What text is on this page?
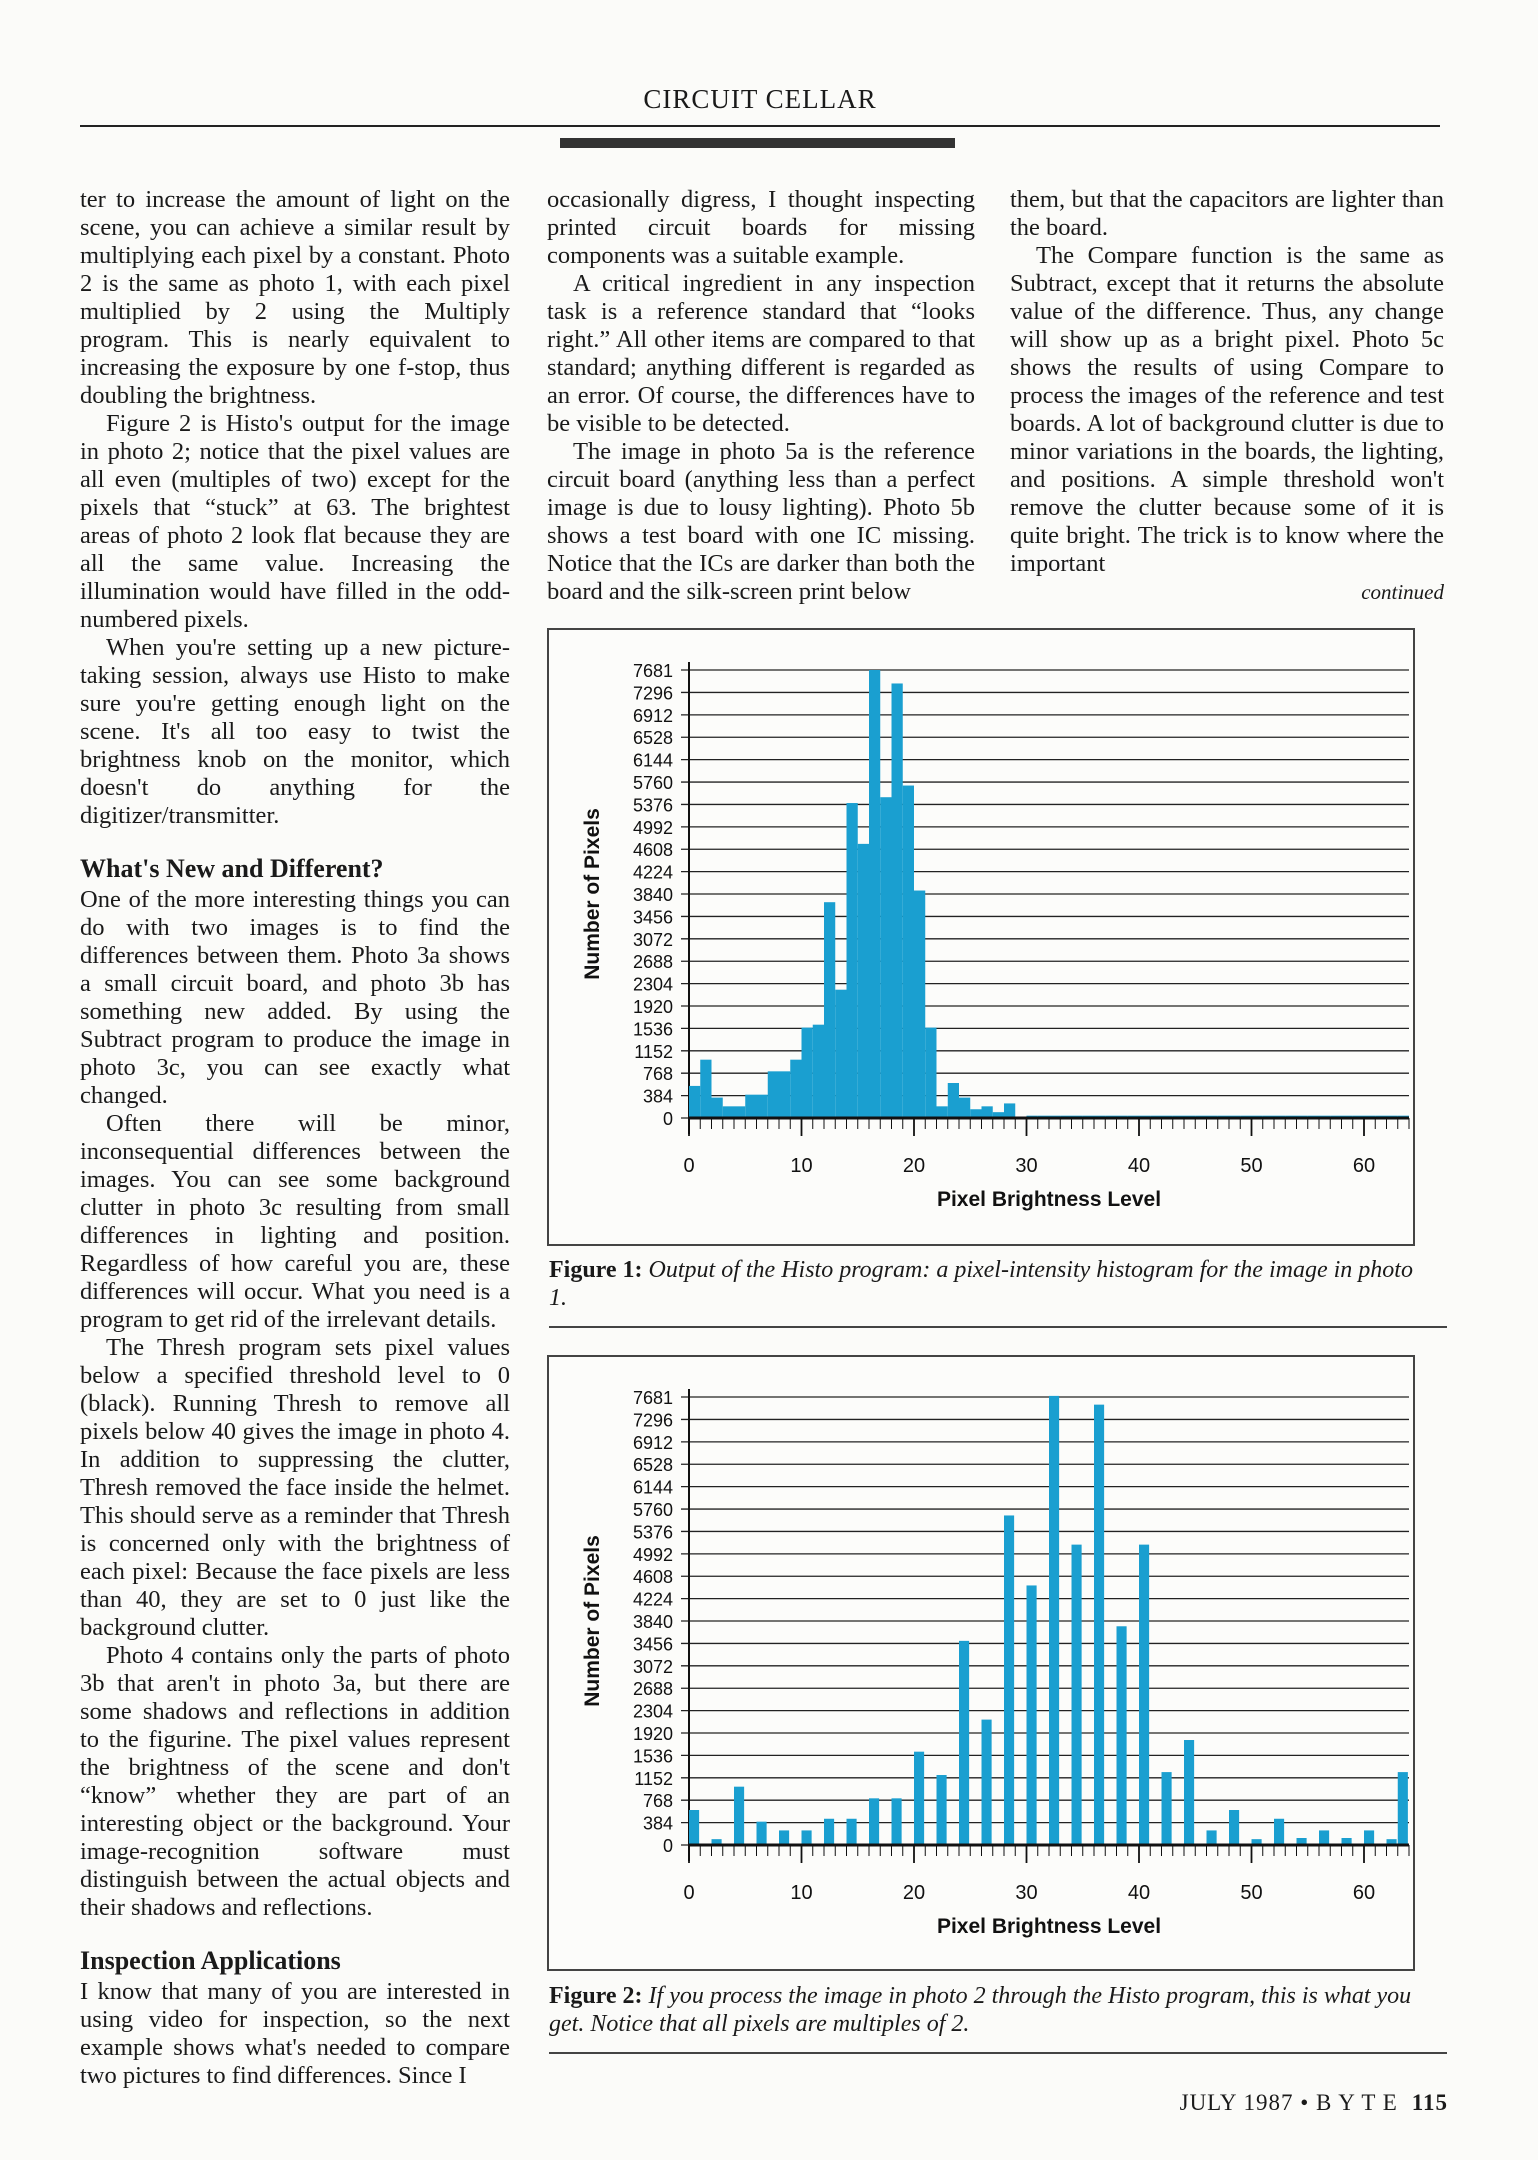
CIRCUIT CELLAR

ter to increase the amount of light on the scene, you can achieve a similar result by multiplying each pixel by a constant. Photo 2 is the same as photo 1, with each pixel multiplied by 2 using the Multiply program. This is nearly equivalent to increasing the exposure by one f-stop, thus doubling the brightness.

Figure 2 is Histo's output for the image in photo 2; notice that the pixel values are all even (multiples of two) except for the pixels that “stuck” at 63. The brightest areas of photo 2 look flat because they are all the same value. Increasing the illumination would have filled in the odd-numbered pixels.

When you're setting up a new picture-taking session, always use Histo to make sure you're getting enough light on the scene. It's all too easy to twist the brightness knob on the monitor, which doesn't do anything for the digitizer/transmitter.

What's New and Different?

One of the more interesting things you can do with two images is to find the differences between them. Photo 3a shows a small circuit board, and photo 3b has something new added. By using the Subtract program to produce the image in photo 3c, you can see exactly what changed.

Often there will be minor, inconsequential differences between the images. You can see some background clutter in photo 3c resulting from small differences in lighting and position. Regardless of how careful you are, these differences will occur. What you need is a program to get rid of the irrelevant details.

The Thresh program sets pixel values below a specified threshold level to 0 (black). Running Thresh to remove all pixels below 40 gives the image in photo 4. In addition to suppressing the clutter, Thresh removed the face inside the helmet. This should serve as a reminder that Thresh is concerned only with the brightness of each pixel: Because the face pixels are less than 40, they are set to 0 just like the background clutter.

Photo 4 contains only the parts of photo 3b that aren't in photo 3a, but there are some shadows and reflections in addition to the figurine. The pixel values represent the brightness of the scene and don't “know” whether they are part of an interesting object or the background. Your image-recognition software must distinguish between the actual objects and their shadows and reflections.

Inspection Applications

I know that many of you are interested in using video for inspection, so the next example shows what's needed to compare two pictures to find differences. Since I

occasionally digress, I thought inspecting printed circuit boards for missing components was a suitable example.

A critical ingredient in any inspection task is a reference standard that “looks right.” All other items are compared to that standard; anything different is regarded as an error. Of course, the differences have to be visible to be detected.

The image in photo 5a is the reference circuit board (anything less than a perfect image is due to lousy lighting). Photo 5b shows a test board with one IC missing. Notice that the ICs are darker than both the board and the silk-screen print below

them, but that the capacitors are lighter than the board.

The Compare function is the same as Subtract, except that it returns the absolute value of the difference. Thus, any change will show up as a bright pixel. Photo 5c shows the results of using Compare to process the images of the reference and test boards. A lot of background clutter is due to minor variations in the boards, the lighting, and positions. A simple threshold won't remove the clutter because some of it is quite bright. The trick is to know where the important

continued
0
384
768
1152
1536
1920
2304
2688
3072
3456
3840
4224
4608
4992
5376
5760
6144
6528
6912
7296
7681
0	10	20	30	40	50	60
Pixel Brightness Level
Number of Pixels
Figure 1: Output of the Histo program: a pixel-intensity histogram for the image in photo 1.
0
384
768
1152
1536
1920
2304
2688
3072
3456
3840
4224
4608
4992
5376
5760
6144
6528
6912
7296
7681
0	10	20	30	40	50	60
Pixel Brightness Level
Number of Pixels
Figure 2: If you process the image in photo 2 through the Histo program, this is what you get. Notice that all pixels are multiples of 2.
JULY 1987 • B Y T E 115
